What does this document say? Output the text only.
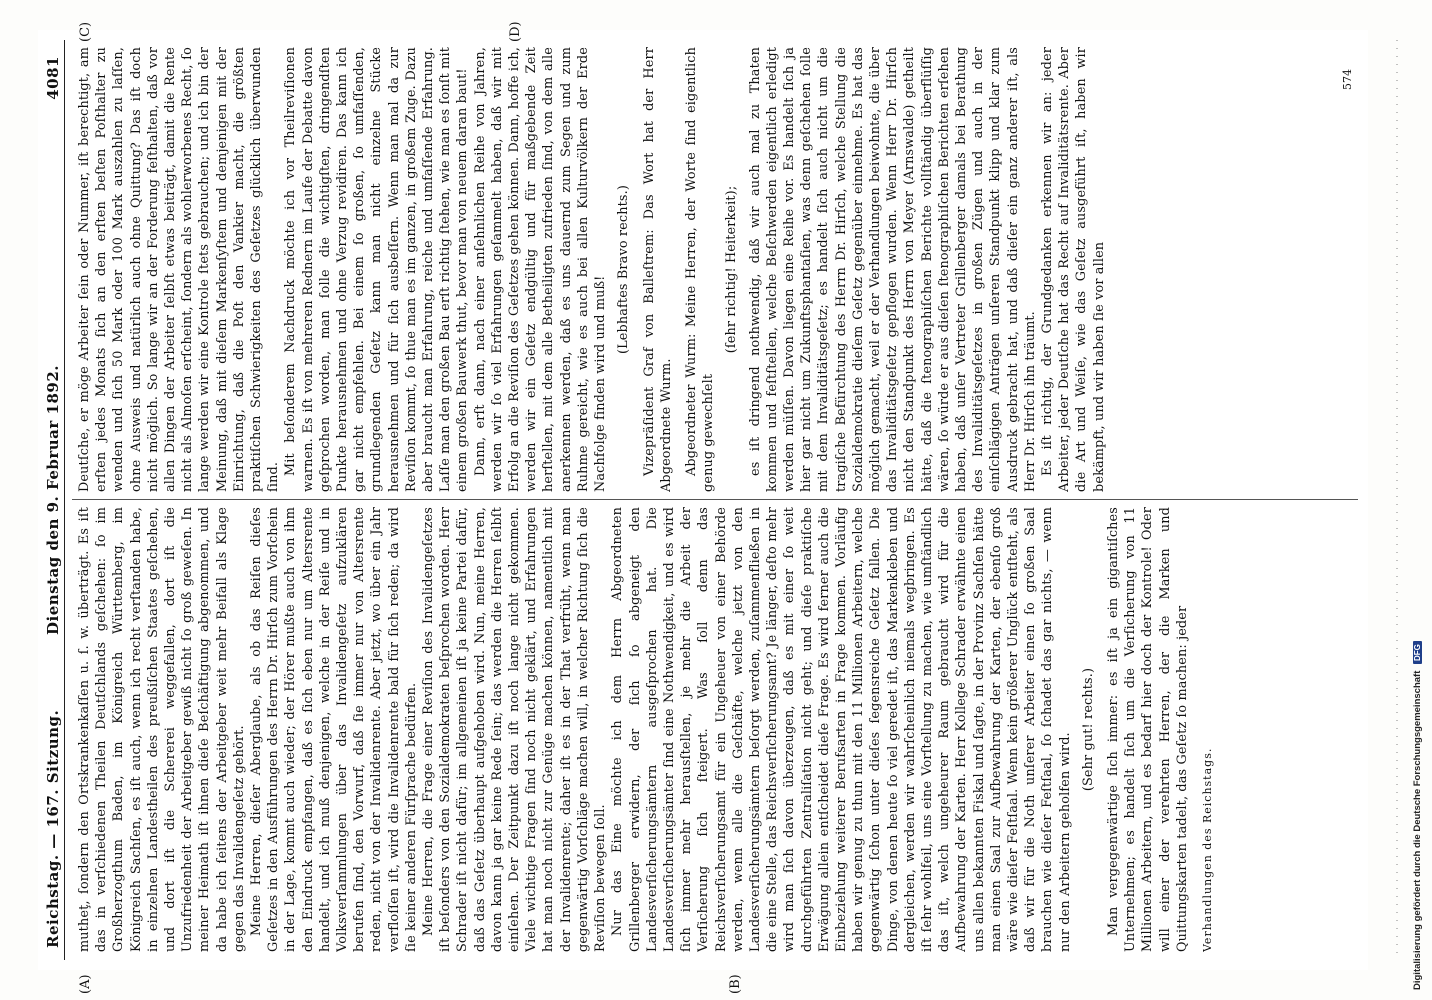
Reichstag. — 167. Sitzung.
Dienstag den 9. Februar 1892.
4081
(A)	(B)
(C)	(D)

mutheţ, ſondern den Ortskrankenkaſſen u. ſ. w. überträgt. Es iſt das in verſchiedenen Theilen Deutſchlands geſchehen: ſo im Großherzogthum Baden, im Königreich Württemberg, im Königreich Sachſen, es iſt auch, wenn ich recht verſtanden habe, in einzelnen Landestheilen des preußiſchen Staates geſchehen, und dort iſt die Schererei weggefallen, dort iſt die Unzufriedenheit der Arbeitgeber gewiß nicht ſo groß geweſen. In meiner Heimath iſt ihnen dieſe Beſchäftigung abgenommen, und da habe ich ſeitens der Arbeitgeber weit mehr Beifall als Klage gegen das Invalidengeſetz gehört. Meine Herren, dieſer Aberglaube, als ob das Reiſen dieſes Geſetzes in den Ausführungen des Herrn Dr. Hirſch zum Vorſchein in der Lage, kommt auch wieder; der Hörer mußte auch von ihm den Eindruck empfangen, daß es ſich eben nur um Altersrente handelt, und ich muß denjenigen, welche in der Reiſe und in Volksverſammlungen über das Invalidengeſetz aufzuklären berufen ſind, den Vorwurf, daß ſie immer nur von Altersrente reden, nicht von der Invalidenrente. Aber jetzt, wo über ein Jahr verfloſſen iſt, wird die Invalidenrente bald für ſich reden; da wird ſie keiner anderen Fürſprache bedürfen. Meine Herren, die Frage einer Reviſion des Invalidengeſetzes iſt beſonders von den Sozialdemokraten beſprochen worden. Herr Schrader iſt nicht dafür; im allgemeinen iſt ja keine Partei dafür, daß das Geſetz überhaupt aufgehoben wird. Nun, meine Herren, davon kann ja gar keine Rede ſein; das werden die Herren ſelbſt einſehen. Der Zeitpunkt dazu iſt noch lange nicht gekommen. Viele wichtige Fragen ſind noch nicht geklärt, und Erfahrungen hat man noch nicht zur Genüge machen können, namentlich mit der Invalidenrente; daher iſt es in der That verfrüht, wenn man gegenwärtig Vorſchläge machen will, in welcher Richtung ſich die Reviſion bewegen ſoll. Nur das Eine möchte ich dem Herrn Abgeordneten Grillenberger erwidern, der ſich ſo abgeneigt den Landesverſicherungsämtern ausgeſprochen hat. Die Landesverſicherungsämter ſind eine Nothwendigkeit, und es wird ſich immer mehr herausſtellen, je mehr die Arbeit der Verſicherung ſich ſteigert. Was ſoll denn das Reichsverſicherungsamt für ein Ungeheuer von einer Behörde werden, wenn alle die Geſchäfte, welche jetzt von den Landesverſicherungsämtern beſorgt werden, zuſammenfließen in die eine Stelle, das Reichsverſicherungsamt? Je länger, deſto mehr wird man ſich davon überzeugen, daß es mit einer ſo weit durchgeführten Zentraliſation nicht geht; und dieſe praktiſche Erwägung allein entſcheidet dieſe Frage. Es wird ferner auch die Einbeziehung weiterer Berufsarten in Frage kommen. Vorläufig haben wir genug zu thun mit den 11 Millionen Arbeitern, welche gegenwärtig ſchon unter dieſes ſegensreiche Geſetz fallen. Die Dinge, von denen heute ſo viel geredet iſt, das Markenkleben und dergleichen, werden wir wahrſcheinlich niemals wegbringen. Es iſt ſehr wohlfeil, uns eine Vorſtellung zu machen, wie umſtändlich das iſt, welch ungeheurer Raum gebraucht wird für die Aufbewahrung der Karten. Herr Kollege Schrader erwähnte einen uns allen bekannten Fiskal und ſagte, in der Provinz Sachſen hätte man einen Saal zur Aufbewahrung der Karten, der ebenſo groß wäre wie dieſer Feſtſaal. Wenn kein größerer Unglück entſteht, als daß wir für die Noth unſerer Arbeiter einen ſo großen Saal brauchen wie dieſer Feſtſaal, ſo ſchadet das gar nichts, — wenn nur den Arbeitern geholfen wird.

(Sehr gut! rechts.) Man vergegenwärtige ſich immer: es iſt ja ein gigantiſches Unternehmen; es handelt ſich um die Verſicherung von 11 Millionen Arbeitern, und es bedarf hier doch der Kontrole! Oder will einer der verehrten Herren, der die Marken und Quittungskarten tadelt, das Geſetz ſo machen: jeder Verhandlungen des Reichstags.

Deutſche, er möge Arbeiter ſein oder Nummer, iſt berechtigt, am erſten jedes Monats ſich an den erſten beſten Poſthalter zu wenden und ſich 50 Mark oder 100 Mark auszahlen zu laſſen, ohne Ausweis und natürlich auch ohne Quittung? Das iſt doch nicht möglich. So lange wir an der Forderung feſthalten, daß vor allen Dingen der Arbeiter ſelbſt etwas beiträgt, damit die Rente nicht als Almoſen erſcheint, ſondern als wohlerworbenes Recht, ſo lange werden wir eine Kontrole ſtets gebrauchen; und ich bin der Meinung, daß mit dieſem Markenſyſtem und demjenigen mit der Einrichtung, daß die Poſt den Vankier macht, die größten praktiſchen Schwierigkeiten des Geſetzes glücklich überwunden ſind.

Mit beſonderem Nachdruck möchte ich vor Theilreviſionen warnen. Es iſt von mehreren Rednern im Laufe der Debatte davon geſprochen worden, man ſolle die wichtigſten, dringendſten Punkte herausnehmen und ohne Verzug revidiren. Das kann ich gar nicht empfehlen. Bei einem ſo großen, ſo umfaſſenden, grundlegenden Geſetz kann man nicht einzelne Stücke herausnehmen und für ſich ausbeſſern. Wenn man mal da zur Reviſion kommt, ſo thue man es im ganzen, in großem Zuge. Dazu aber braucht man Erfahrung, reiche und umfaſſende Erfahrung. Laſſe man den großen Bau erſt richtig ſtehen, wie man es ſonſt mit einem großen Bauwerk thut, bevor man von neuem daran baut! Dann, erſt dann, nach einer anſehnlichen Reihe von Jahren, werden wir ſo viel Erfahrungen geſammelt haben, daß wir mit Erfolg an die Reviſion des Geſetzes gehen können. Dann, hoffe ich, werden wir ein Geſetz endgültig und für maßgebende Zeit herſtellen, mit dem alle Betheiligten zufrieden ſind, von dem alle anerkennen werden, daß es uns dauernd zum Segen und zum Ruhme gereicht, wie es auch bei allen Kulturvölkern der Erde Nachfolge finden wird und muß!

(Lebhaftes Bravo rechts.) Vizepräſident Graf von Balleſtrem: Das Wort hat der Herr Abgeordnete Wurm. Abgeordneter Wurm: Meine Herren, der Worte ſind eigentlich genug gewechſelt

(ſehr richtig! Heiterkeit); es iſt dringend nothwendig, daß wir auch mal zu Thaten kommen und feſtſtellen, welche Beſchwerden eigentlich erledigt werden müſſen. Davon liegen eine Reihe vor. Es handelt ſich ja hier gar nicht um Zukunftsphantaſien, was denn geſchehen ſolle mit dem Invaliditätsgeſetz; es handelt ſich auch nicht um die tragiſche Befürchtung des Herrn Dr. Hirſch, welche Stellung die Sozialdemokratie dieſem Geſetz gegenüber einnehme. Es hat das möglich gemacht, weil er der Verhandlungen beiwohnte, die über das Invaliditätsgeſetz gepflogen wurden. Wenn Herr Dr. Hirſch nicht den Standpunkt des Herrn von Meyer (Arnswalde) getheilt hätte, daß die ſtenographiſchen Berichte vollſtändig überflüſſig wären, ſo würde er aus dieſen ſtenographiſchen Berichten erſehen haben, daß unſer Vertreter Grillenberger damals bei Berathung des Invaliditätsgeſetzes in großen Zügen und auch in der einſchlägigen Anträgen unſeren Standpunkt klipp und klar zum Ausdruck gebracht hat, und daß dieſer ein ganz anderer iſt, als Herr Dr. Hirſch ihn träumt. Es iſt richtig, der Grundgedanken erkennen wir an: jeder Arbeiter, jeder Deutſche hat das Recht auf Invaliditätsrente. Aber die Art und Weiſe, wie das Geſetz ausgeführt iſt, haben wir bekämpft, und wir haben ſie vor allen

574
Digitalisierung gefördert durch die Deutsche Forschungsgemeinschaft DFG
